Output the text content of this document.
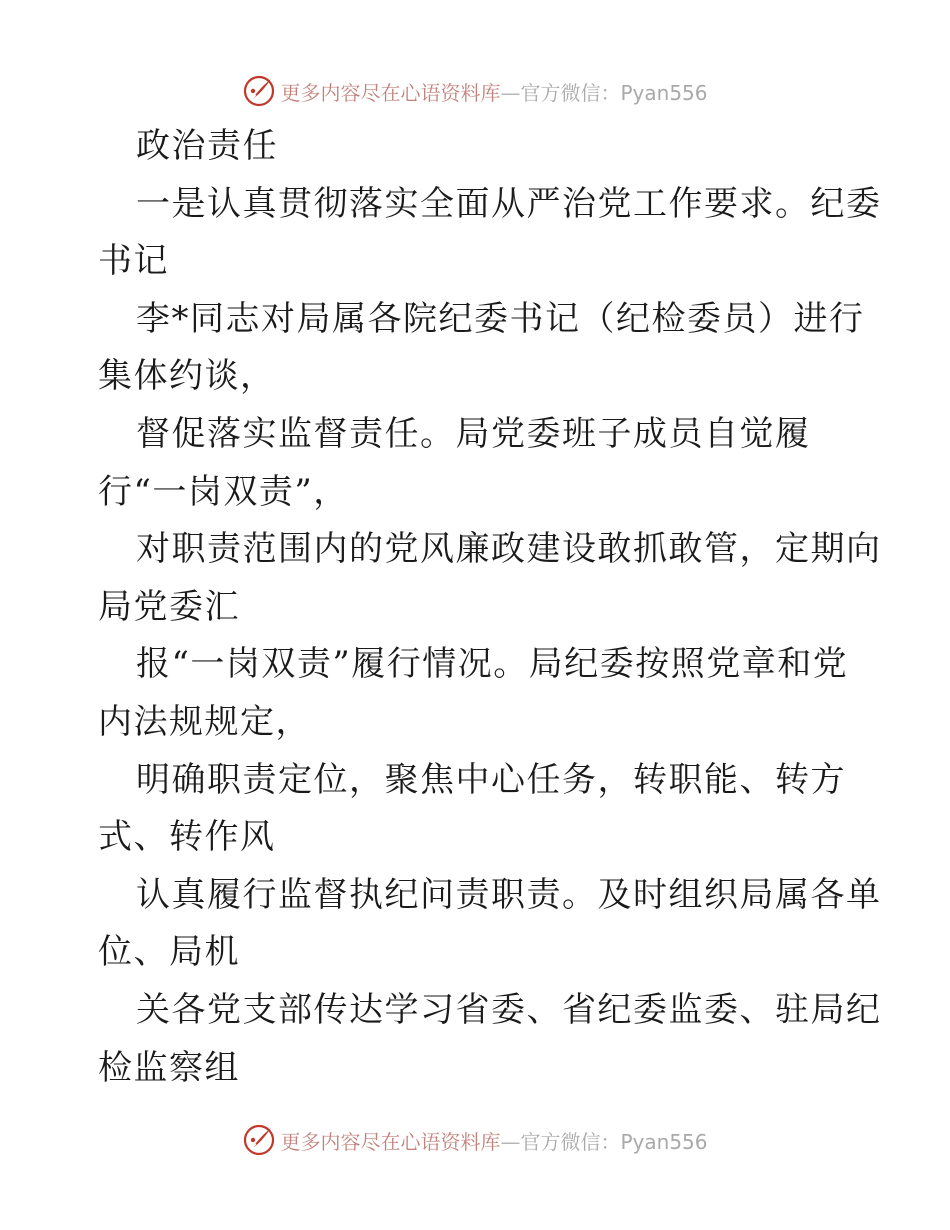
更多内容尽在心语资料库—官方微信：Pyan556
政治责任
一是认真贯彻落实全面从严治党工作要求。纪委
书记
李*同志对局属各院纪委书记（纪检委员）进行
集体约谈，
督促落实监督责任。局党委班子成员自觉履
行“一岗双责”，
对职责范围内的党风廉政建设敢抓敢管，定期向
局党委汇
报“一岗双责”履行情况。局纪委按照党章和党
内法规规定，
明确职责定位，聚焦中心任务，转职能、转方
式、转作风
认真履行监督执纪问责职责。及时组织局属各单
位、局机
关各党支部传达学习省委、省纪委监委、驻局纪
检监察组
更多内容尽在心语资料库—官方微信：Pyan556
